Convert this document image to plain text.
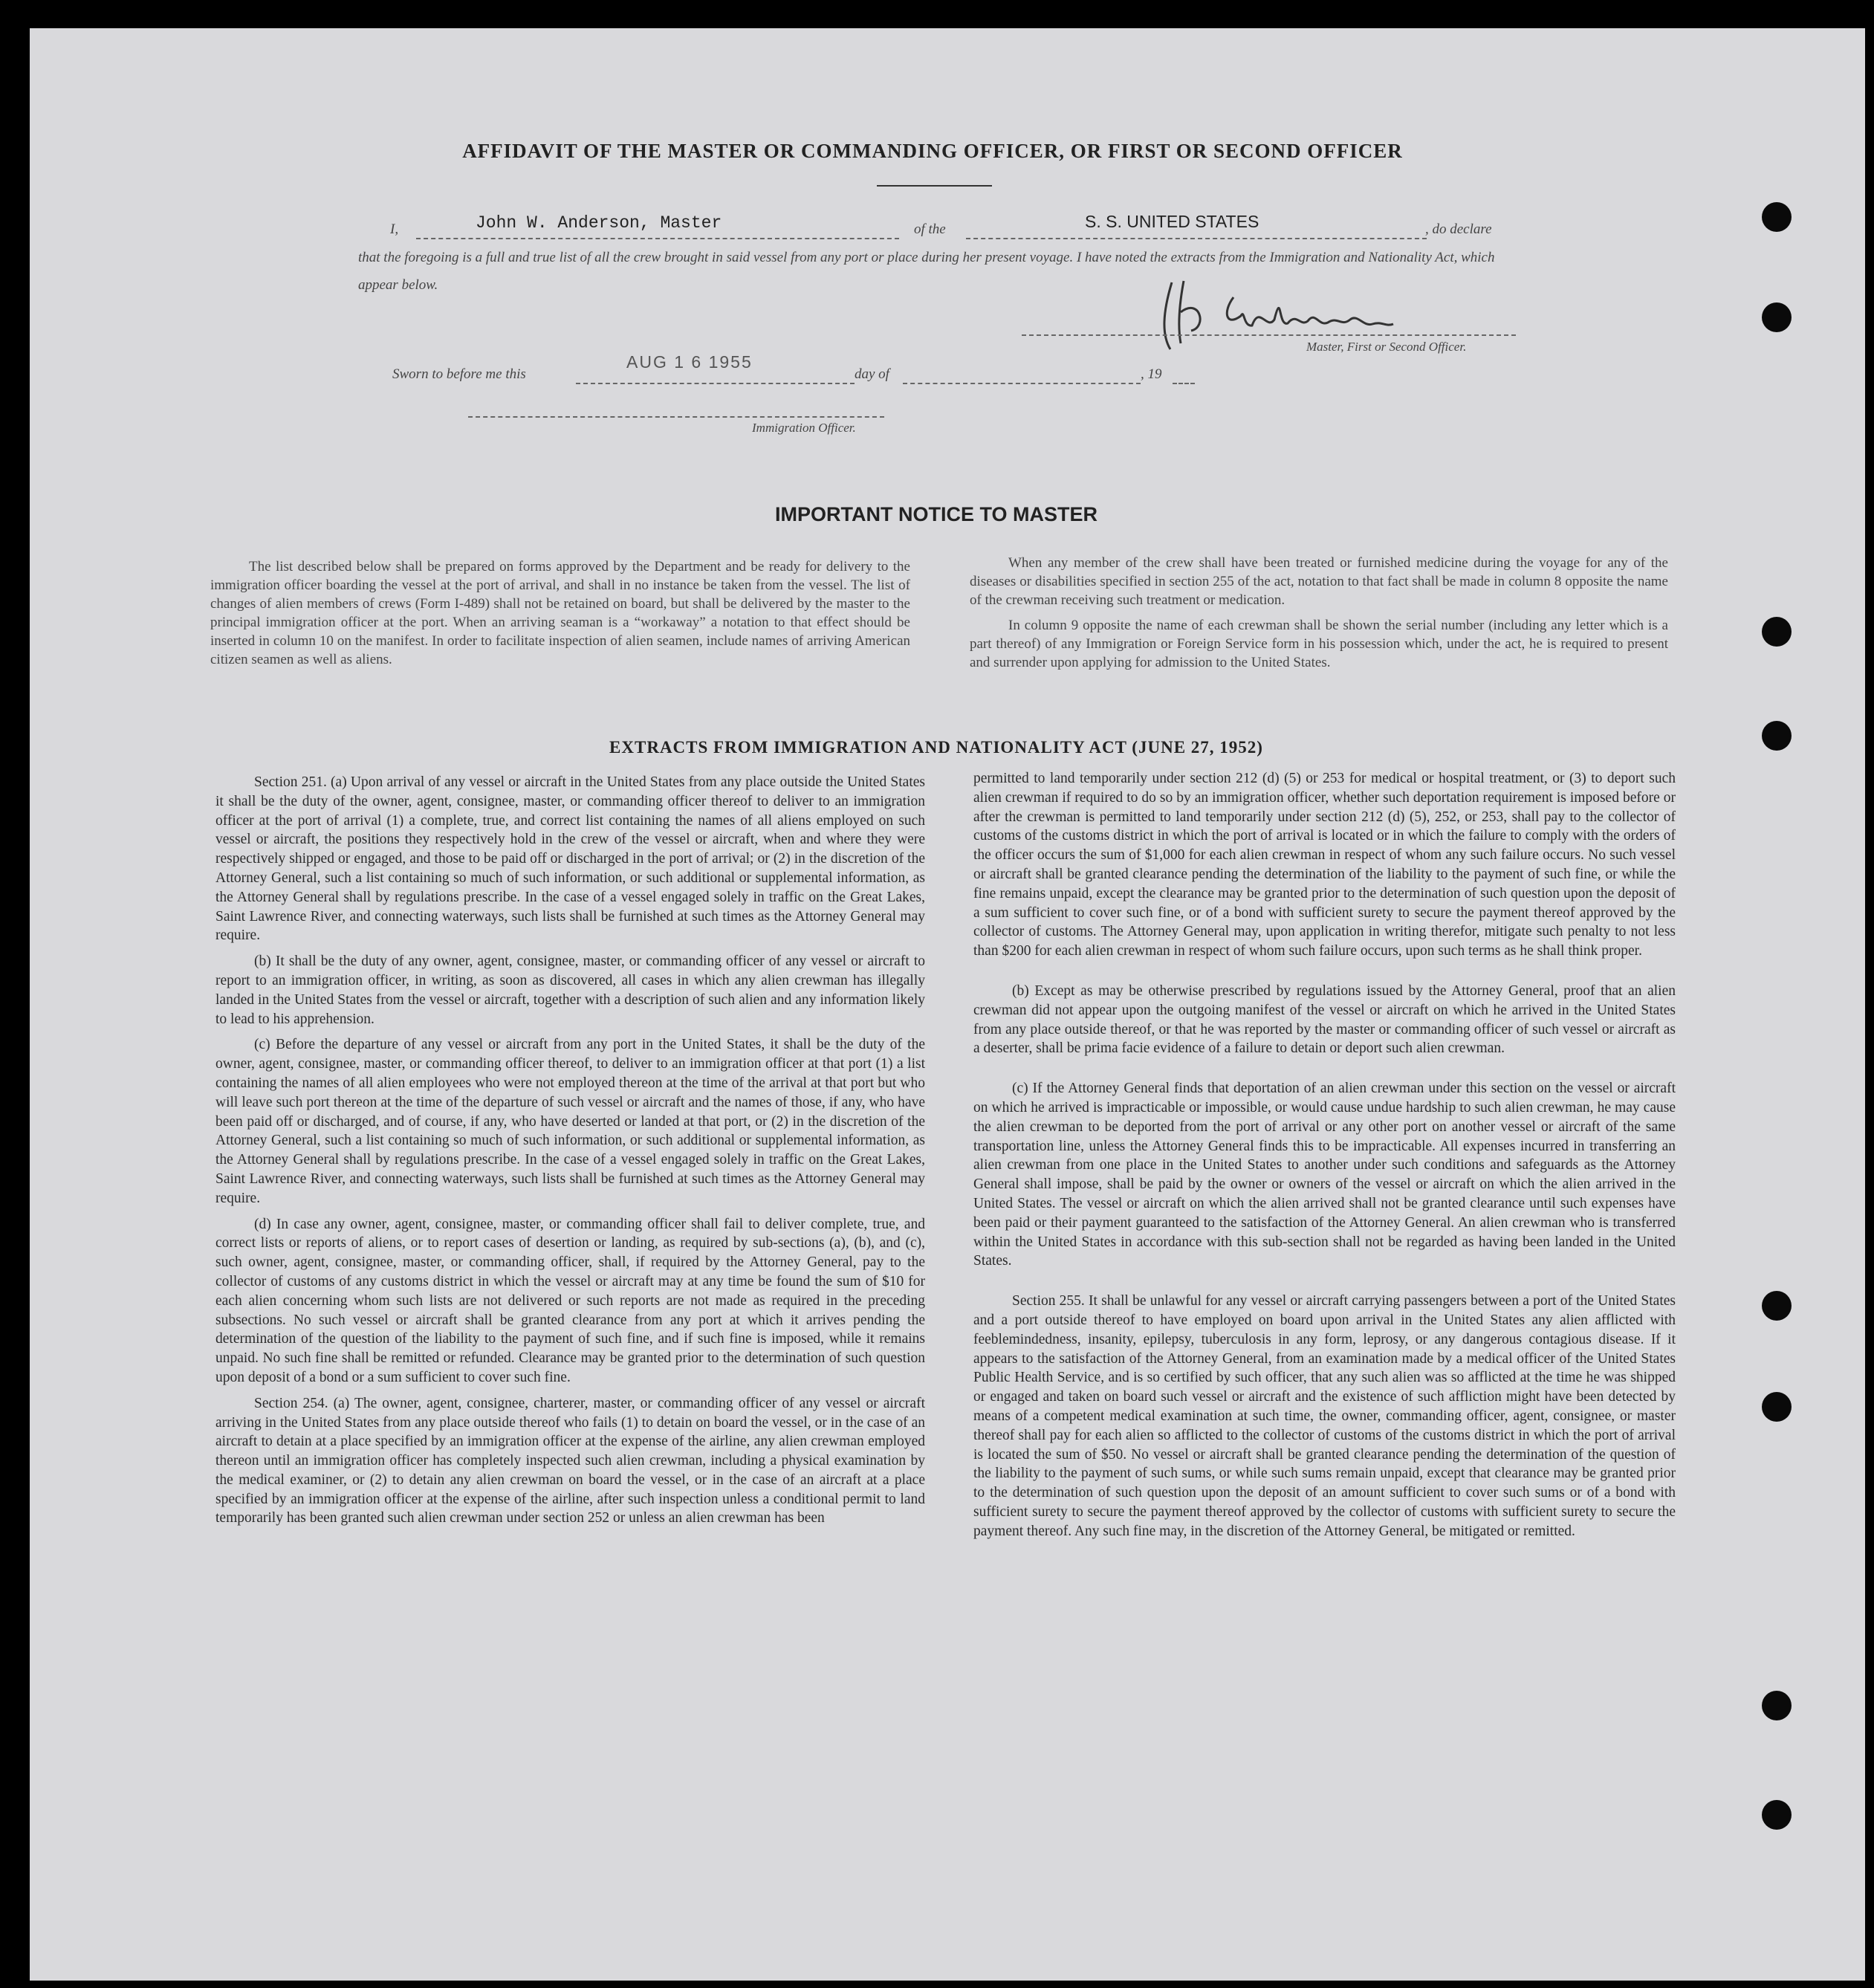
AFFIDAVIT OF THE MASTER OR COMMANDING OFFICER, OR FIRST OR SECOND OFFICER
I,	John W. Anderson, Master	of the	S. S. UNITED STATES	, do declare
that the foregoing is a full and true list of all the crew brought in said vessel from any port or place during her present voyage. I have noted the extracts from the Immigration and Nationality Act, which appear below.
Master, First or Second Officer.
Sworn to before me this
AUG 1 6 1955
day of	, 19
Immigration Officer.
IMPORTANT NOTICE TO MASTER

The list described below shall be prepared on forms approved by the Department and be ready for delivery to the immigration officer boarding the vessel at the port of arrival, and shall in no instance be taken from the vessel. The list of changes of alien members of crews (Form I-489) shall not be retained on board, but shall be delivered by the master to the principal immigration officer at the port. When an arriving seaman is a “workaway” a notation to that effect should be inserted in column 10 on the manifest. In order to facilitate inspection of alien seamen, include names of arriving American citizen seamen as well as aliens.

When any member of the crew shall have been treated or furnished medicine during the voyage for any of the diseases or disabilities specified in section 255 of the act, notation to that fact shall be made in column 8 opposite the name of the crewman receiving such treatment or medication.

In column 9 opposite the name of each crewman shall be shown the serial number (including any letter which is a part thereof) of any Immigration or Foreign Service form in his possession which, under the act, he is required to present and surrender upon applying for admission to the United States.

EXTRACTS FROM IMMIGRATION AND NATIONALITY ACT (JUNE 27, 1952)

Section 251. (a) Upon arrival of any vessel or aircraft in the United States from any place outside the United States it shall be the duty of the owner, agent, consignee, master, or commanding officer thereof to deliver to an immigration officer at the port of arrival (1) a complete, true, and correct list containing the names of all aliens employed on such vessel or aircraft, the positions they respectively hold in the crew of the vessel or aircraft, when and where they were respectively shipped or engaged, and those to be paid off or discharged in the port of arrival; or (2) in the discretion of the Attorney General, such a list containing so much of such information, or such additional or supplemental information, as the Attorney General shall by regulations prescribe. In the case of a vessel engaged solely in traffic on the Great Lakes, Saint Lawrence River, and connecting waterways, such lists shall be furnished at such times as the Attorney General may require.

(b) It shall be the duty of any owner, agent, consignee, master, or commanding officer of any vessel or aircraft to report to an immigration officer, in writing, as soon as discovered, all cases in which any alien crewman has illegally landed in the United States from the vessel or aircraft, together with a description of such alien and any information likely to lead to his apprehension.

(c) Before the departure of any vessel or aircraft from any port in the United States, it shall be the duty of the owner, agent, consignee, master, or commanding officer thereof, to deliver to an immigration officer at that port (1) a list containing the names of all alien employees who were not employed thereon at the time of the arrival at that port but who will leave such port thereon at the time of the departure of such vessel or aircraft and the names of those, if any, who have been paid off or discharged, and of course, if any, who have deserted or landed at that port, or (2) in the discretion of the Attorney General, such a list containing so much of such information, or such additional or supplemental information, as the Attorney General shall by regulations prescribe. In the case of a vessel engaged solely in traffic on the Great Lakes, Saint Lawrence River, and connecting waterways, such lists shall be furnished at such times as the Attorney General may require.

(d) In case any owner, agent, consignee, master, or commanding officer shall fail to deliver complete, true, and correct lists or reports of aliens, or to report cases of desertion or landing, as required by sub-sections (a), (b), and (c), such owner, agent, consignee, master, or commanding officer, shall, if required by the Attorney General, pay to the collector of customs of any customs district in which the vessel or aircraft may at any time be found the sum of $10 for each alien concerning whom such lists are not delivered or such reports are not made as required in the preceding subsections. No such vessel or aircraft shall be granted clearance from any port at which it arrives pending the determination of the question of the liability to the payment of such fine, and if such fine is imposed, while it remains unpaid. No such fine shall be remitted or refunded. Clearance may be granted prior to the determination of such question upon deposit of a bond or a sum sufficient to cover such fine.

Section 254. (a) The owner, agent, consignee, charterer, master, or commanding officer of any vessel or aircraft arriving in the United States from any place outside thereof who fails (1) to detain on board the vessel, or in the case of an aircraft to detain at a place specified by an immigration officer at the expense of the airline, any alien crewman employed thereon until an immigration officer has completely inspected such alien crewman, including a physical examination by the medical examiner, or (2) to detain any alien crewman on board the vessel, or in the case of an aircraft at a place specified by an immigration officer at the expense of the airline, after such inspection unless a conditional permit to land temporarily has been granted such alien crewman under section 252 or unless an alien crewman has been

permitted to land temporarily under section 212 (d) (5) or 253 for medical or hospital treatment, or (3) to deport such alien crewman if required to do so by an immigration officer, whether such deportation requirement is imposed before or after the crewman is permitted to land temporarily under section 212 (d) (5), 252, or 253, shall pay to the collector of customs of the customs district in which the port of arrival is located or in which the failure to comply with the orders of the officer occurs the sum of $1,000 for each alien crewman in respect of whom any such failure occurs. No such vessel or aircraft shall be granted clearance pending the determination of the liability to the payment of such fine, or while the fine remains unpaid, except the clearance may be granted prior to the determination of such question upon the deposit of a sum sufficient to cover such fine, or of a bond with sufficient surety to secure the payment thereof approved by the collector of customs. The Attorney General may, upon application in writing therefor, mitigate such penalty to not less than $200 for each alien crewman in respect of whom such failure occurs, upon such terms as he shall think proper.

(b) Except as may be otherwise prescribed by regulations issued by the Attorney General, proof that an alien crewman did not appear upon the outgoing manifest of the vessel or aircraft on which he arrived in the United States from any place outside thereof, or that he was reported by the master or commanding officer of such vessel or aircraft as a deserter, shall be prima facie evidence of a failure to detain or deport such alien crewman.

(c) If the Attorney General finds that deportation of an alien crewman under this section on the vessel or aircraft on which he arrived is impracticable or impossible, or would cause undue hardship to such alien crewman, he may cause the alien crewman to be deported from the port of arrival or any other port on another vessel or aircraft of the same transportation line, unless the Attorney General finds this to be impracticable. All expenses incurred in transferring an alien crewman from one place in the United States to another under such conditions and safeguards as the Attorney General shall impose, shall be paid by the owner or owners of the vessel or aircraft on which the alien arrived in the United States. The vessel or aircraft on which the alien arrived shall not be granted clearance until such expenses have been paid or their payment guaranteed to the satisfaction of the Attorney General. An alien crewman who is transferred within the United States in accordance with this sub-section shall not be regarded as having been landed in the United States.

Section 255. It shall be unlawful for any vessel or aircraft carrying passengers between a port of the United States and a port outside thereof to have employed on board upon arrival in the United States any alien afflicted with feeblemindedness, insanity, epilepsy, tuberculosis in any form, leprosy, or any dangerous contagious disease. If it appears to the satisfaction of the Attorney General, from an examination made by a medical officer of the United States Public Health Service, and is so certified by such officer, that any such alien was so afflicted at the time he was shipped or engaged and taken on board such vessel or aircraft and the existence of such affliction might have been detected by means of a competent medical examination at such time, the owner, commanding officer, agent, consignee, or master thereof shall pay for each alien so afflicted to the collector of customs of the customs district in which the port of arrival is located the sum of $50. No vessel or aircraft shall be granted clearance pending the determination of the question of the liability to the payment of such sums, or while such sums remain unpaid, except that clearance may be granted prior to the determination of such question upon the deposit of an amount sufficient to cover such sums or of a bond with sufficient surety to secure the payment thereof approved by the collector of customs with sufficient surety to secure the payment thereof. Any such fine may, in the discretion of the Attorney General, be mitigated or remitted.
